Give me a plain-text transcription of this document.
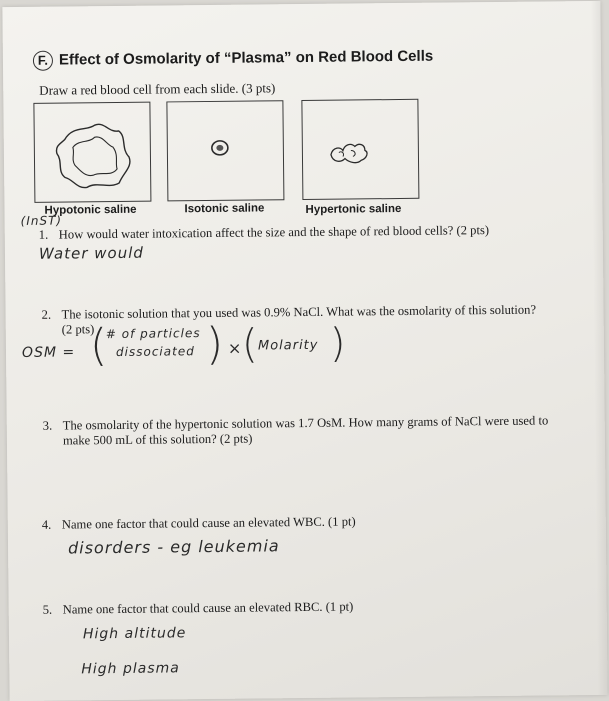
F. Effect of Osmolarity of “Plasma” on Red Blood Cells
Draw a red blood cell from each slide. (3 pts)
Hypotonic saline	Isotonic saline	Hypertonic saline
(InST)
1. How would water intoxication affect the size and the shape of red blood cells? (2 pts)
Water would
2. The isotonic solution that you used was 0.9% NaCl. What was the osmolarity of this solution?
(2 pts)
OSM = (
# of particles
dissociated ) × ( Molarity )
3. The osmolarity of the hypertonic solution was 1.7 OsM. How many grams of NaCl were used to
make 500 mL of this solution? (2 pts)
4. Name one factor that could cause an elevated WBC. (1 pt)
disorders - eg leukemia
5. Name one factor that could cause an elevated RBC. (1 pt)
High altitude
High plasma
